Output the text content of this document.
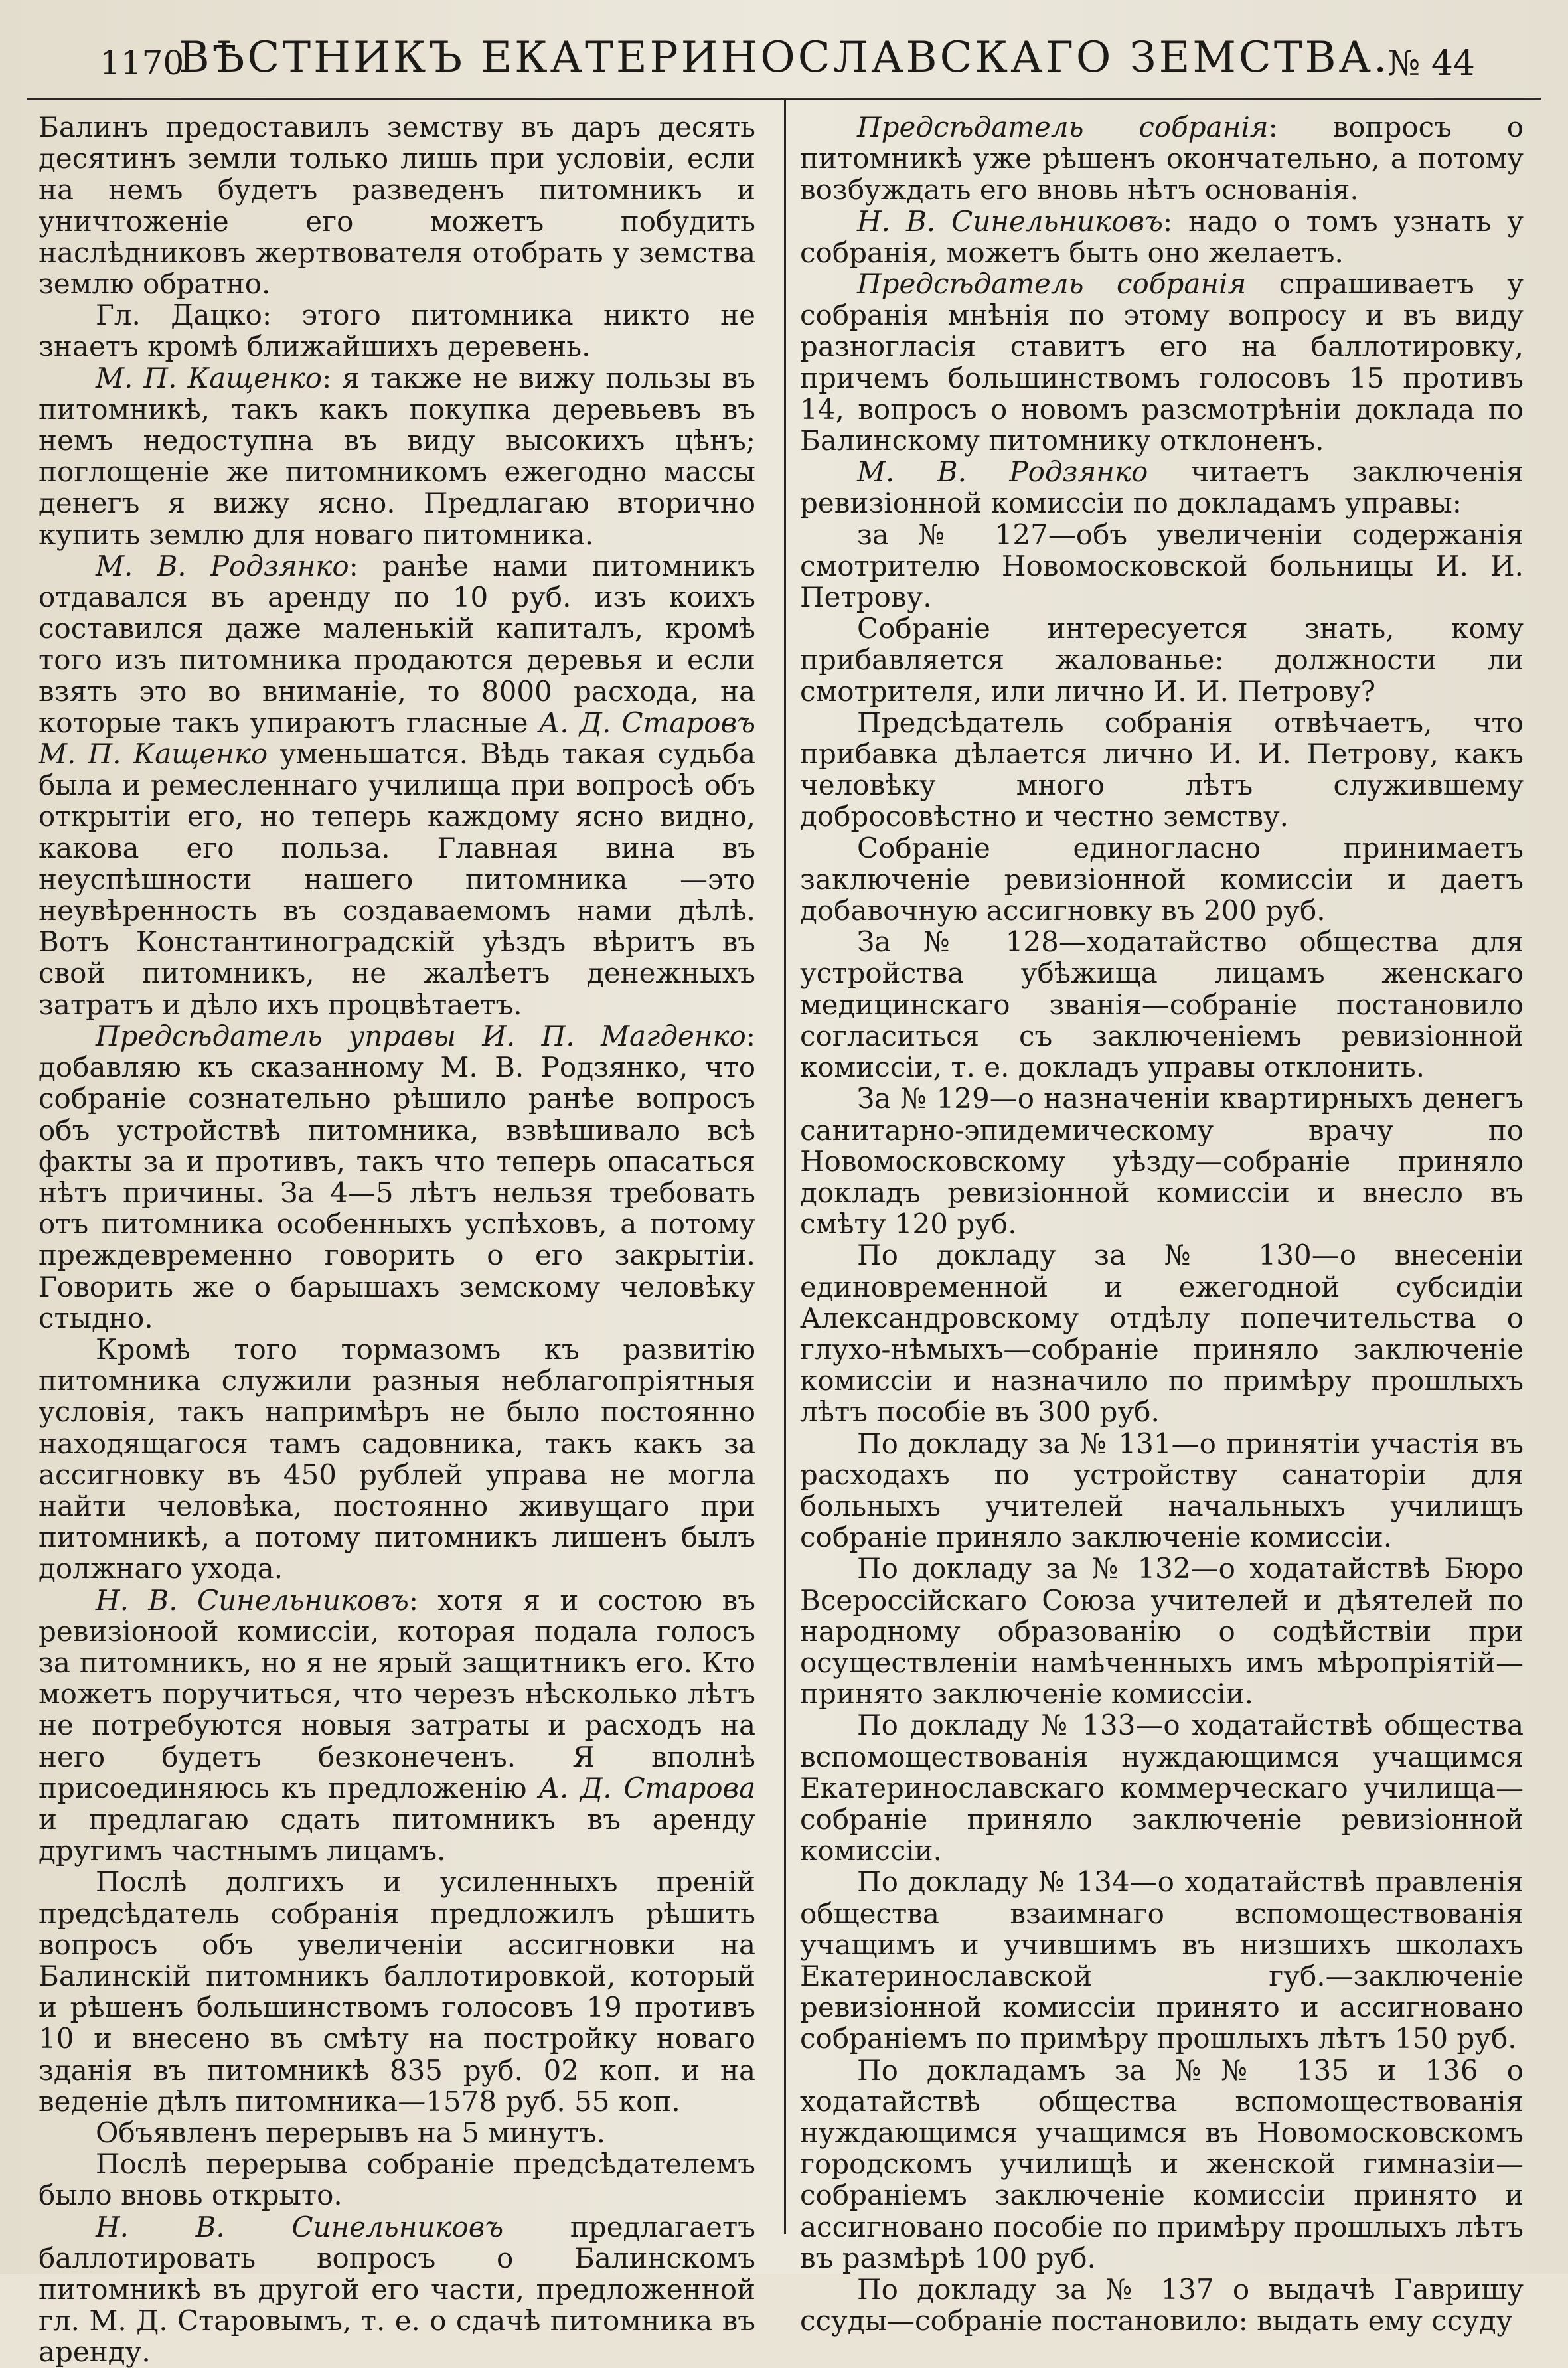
1170
ВѢСТНИКЪ ЕКАТЕРИНОСЛАВСКАГО ЗЕМСТВА.
№ 44

Балинъ предоставилъ земству въ даръ десять десятинъ земли только лишь при условіи, если на немъ будетъ разведенъ питомникъ и уничтоженіе его можетъ побудить наслѣдниковъ жертвователя отобрать у земства землю обратно.

Гл. Дацко: этого питомника никто не знаетъ кромѣ ближайшихъ деревень.

М. П. Кащенко: я также не вижу пользы въ питомникѣ, такъ какъ покупка деревьевъ въ немъ недоступна въ виду высокихъ цѣнъ; поглощеніе же питомникомъ ежегодно массы денегъ я вижу ясно. Предлагаю вторично купить землю для новаго питомника.

М. В. Родзянко: ранѣе нами питомникъ отдавался въ аренду по 10 руб. изъ коихъ составился даже маленькій капиталъ, кромѣ того изъ питомника продаются деревья и если взять это во вниманіе, то 8000 расхода, на которые такъ упираютъ гласные А. Д. Старовъ М. П. Кащенко уменьшатся. Вѣдь такая судьба была и ремесленнаго училища при вопросѣ объ открытіи его, но теперь каждому ясно видно, какова его польза. Главная вина въ неуспѣшности нашего питомника —это неувѣренность въ создаваемомъ нами дѣлѣ. Вотъ Константиноградскій уѣздъ вѣритъ въ свой питомникъ, не жалѣетъ денежныхъ затратъ и дѣло ихъ процвѣтаетъ.

Предсѣдатель управы И. П. Магденко: добавляю къ сказанному М. В. Родзянко, что собраніе сознательно рѣшило ранѣе вопросъ объ устройствѣ питомника, взвѣшивало всѣ факты за и противъ, такъ что теперь опасаться нѣтъ причины. За 4—5 лѣтъ нельзя требовать отъ питомника особенныхъ успѣховъ, а потому преждевременно говорить о его закрытіи. Говорить же о барышахъ земскому человѣку стыдно.

Кромѣ того тормазомъ къ развитію питомника служили разныя неблагопріятныя условія, такъ напримѣръ не было постоянно находящагося тамъ садовника, такъ какъ за ассигновку въ 450 рублей управа не могла найти человѣка, постоянно живущаго при питомникѣ, а потому питомникъ лишенъ былъ должнаго ухода.

Н. В. Синельниковъ: хотя я и состою въ ревизіоноой комиссіи, которая подала голосъ за питомникъ, но я не ярый защитникъ его. Кто можетъ поручиться, что черезъ нѣсколько лѣтъ не потребуются новыя затраты и расходъ на него будетъ безконеченъ. Я вполнѣ присоединяюсь къ предложенію А. Д. Старова и предлагаю сдать питомникъ въ аренду другимъ частнымъ лицамъ.

Послѣ долгихъ и усиленныхъ преній предсѣдатель собранія предложилъ рѣшить вопросъ объ увеличеніи ассигновки на Балинскій питомникъ баллотировкой, который и рѣшенъ большинствомъ голосовъ 19 противъ 10 и внесено въ смѣту на постройку новаго зданія въ питомникѣ 835 руб. 02 коп. и на веденіе дѣлъ питомника—1578 руб. 55 коп.

Объявленъ перерывъ на 5 минутъ.

Послѣ перерыва собраніе предсѣдателемъ было вновь открыто.

Н. В. Синельниковъ предлагаетъ баллотировать вопросъ о Балинскомъ питомникѣ въ другой его части, предложенной гл. М. Д. Старовымъ, т. е. о сдачѣ питомника въ аренду.

Предсѣдатель собранія: вопросъ о питомникѣ уже рѣшенъ окончательно, а потому возбуждать его вновь нѣтъ основанія.

Н. В. Синельниковъ: надо о томъ узнать у собранія, можетъ быть оно желаетъ.

Предсѣдатель собранія спрашиваетъ у собранія мнѣнія по этому вопросу и въ виду разногласія ставитъ его на баллотировку, причемъ большинствомъ голосовъ 15 противъ 14, вопросъ о новомъ разсмотрѣніи доклада по Балинскому питомнику отклоненъ.

М. В. Родзянко читаетъ заключенія ревизіонной комиссіи по докладамъ управы:

за № 127—объ увеличеніи содержанія смотрителю Новомосковской больницы И. И. Петрову.

Собраніе интересуется знать, кому прибавляется жалованье: должности ли смотрителя, или лично И. И. Петрову?

Предсѣдатель собранія отвѣчаетъ, что прибавка дѣлается лично И. И. Петрову, какъ человѣку много лѣтъ служившему добросовѣстно и честно земству.

Собраніе единогласно принимаетъ заключеніе ревизіонной комиссіи и даетъ добавочную ассигновку въ 200 руб.

За № 128—ходатайство общества для устройства убѣжища лицамъ женскаго медицинскаго званія—собраніе постановило согласиться съ заключеніемъ ревизіонной комиссіи, т. е. докладъ управы отклонить.

За № 129—о назначеніи квартирныхъ денегъ санитарно-эпидемическому врачу по Новомосковскому уѣзду—собраніе приняло докладъ ревизіонной комиссіи и внесло въ смѣту 120 руб.

По докладу за № 130—о внесеніи единовременной и ежегодной субсидіи Александровскому отдѣлу попечительства о глухо-нѣмыхъ—собраніе приняло заключеніе комиссіи и назначило по примѣру прошлыхъ лѣтъ пособіе въ 300 руб.

По докладу за № 131—о принятіи участія въ расходахъ по устройству санаторіи для больныхъ учителей начальныхъ училищъ собраніе приняло заключеніе комиссіи.

По докладу за № 132—о ходатайствѣ Бюро Всероссійскаго Союза учителей и дѣятелей по народному образованію о содѣйствіи при осуществленіи намѣченныхъ имъ мѣропріятій—принято заключеніе комиссіи.

По докладу № 133—о ходатайствѣ общества вспомоществованія нуждающимся учащимся Екатеринославскаго коммерческаго училища—собраніе приняло заключеніе ревизіонной комиссіи.

По докладу № 134—о ходатайствѣ правленія общества взаимнаго вспомоществованія учащимъ и учившимъ въ низшихъ школахъ Екатеринославской губ.—заключеніе ревизіонной комиссіи принято и ассигновано собраніемъ по примѣру прошлыхъ лѣтъ 150 руб.

По докладамъ за №№ 135 и 136 о ходатайствѣ общества вспомоществованія нуждающимся учащимся въ Новомосковскомъ городскомъ училищѣ и женской гимназіи—собраніемъ заключеніе комиссіи принято и ассигновано пособіе по примѣру прошлыхъ лѣтъ въ размѣрѣ 100 руб.

По докладу за № 137 о выдачѣ Гавришу ссуды—собраніе постановило: выдать ему ссуду
